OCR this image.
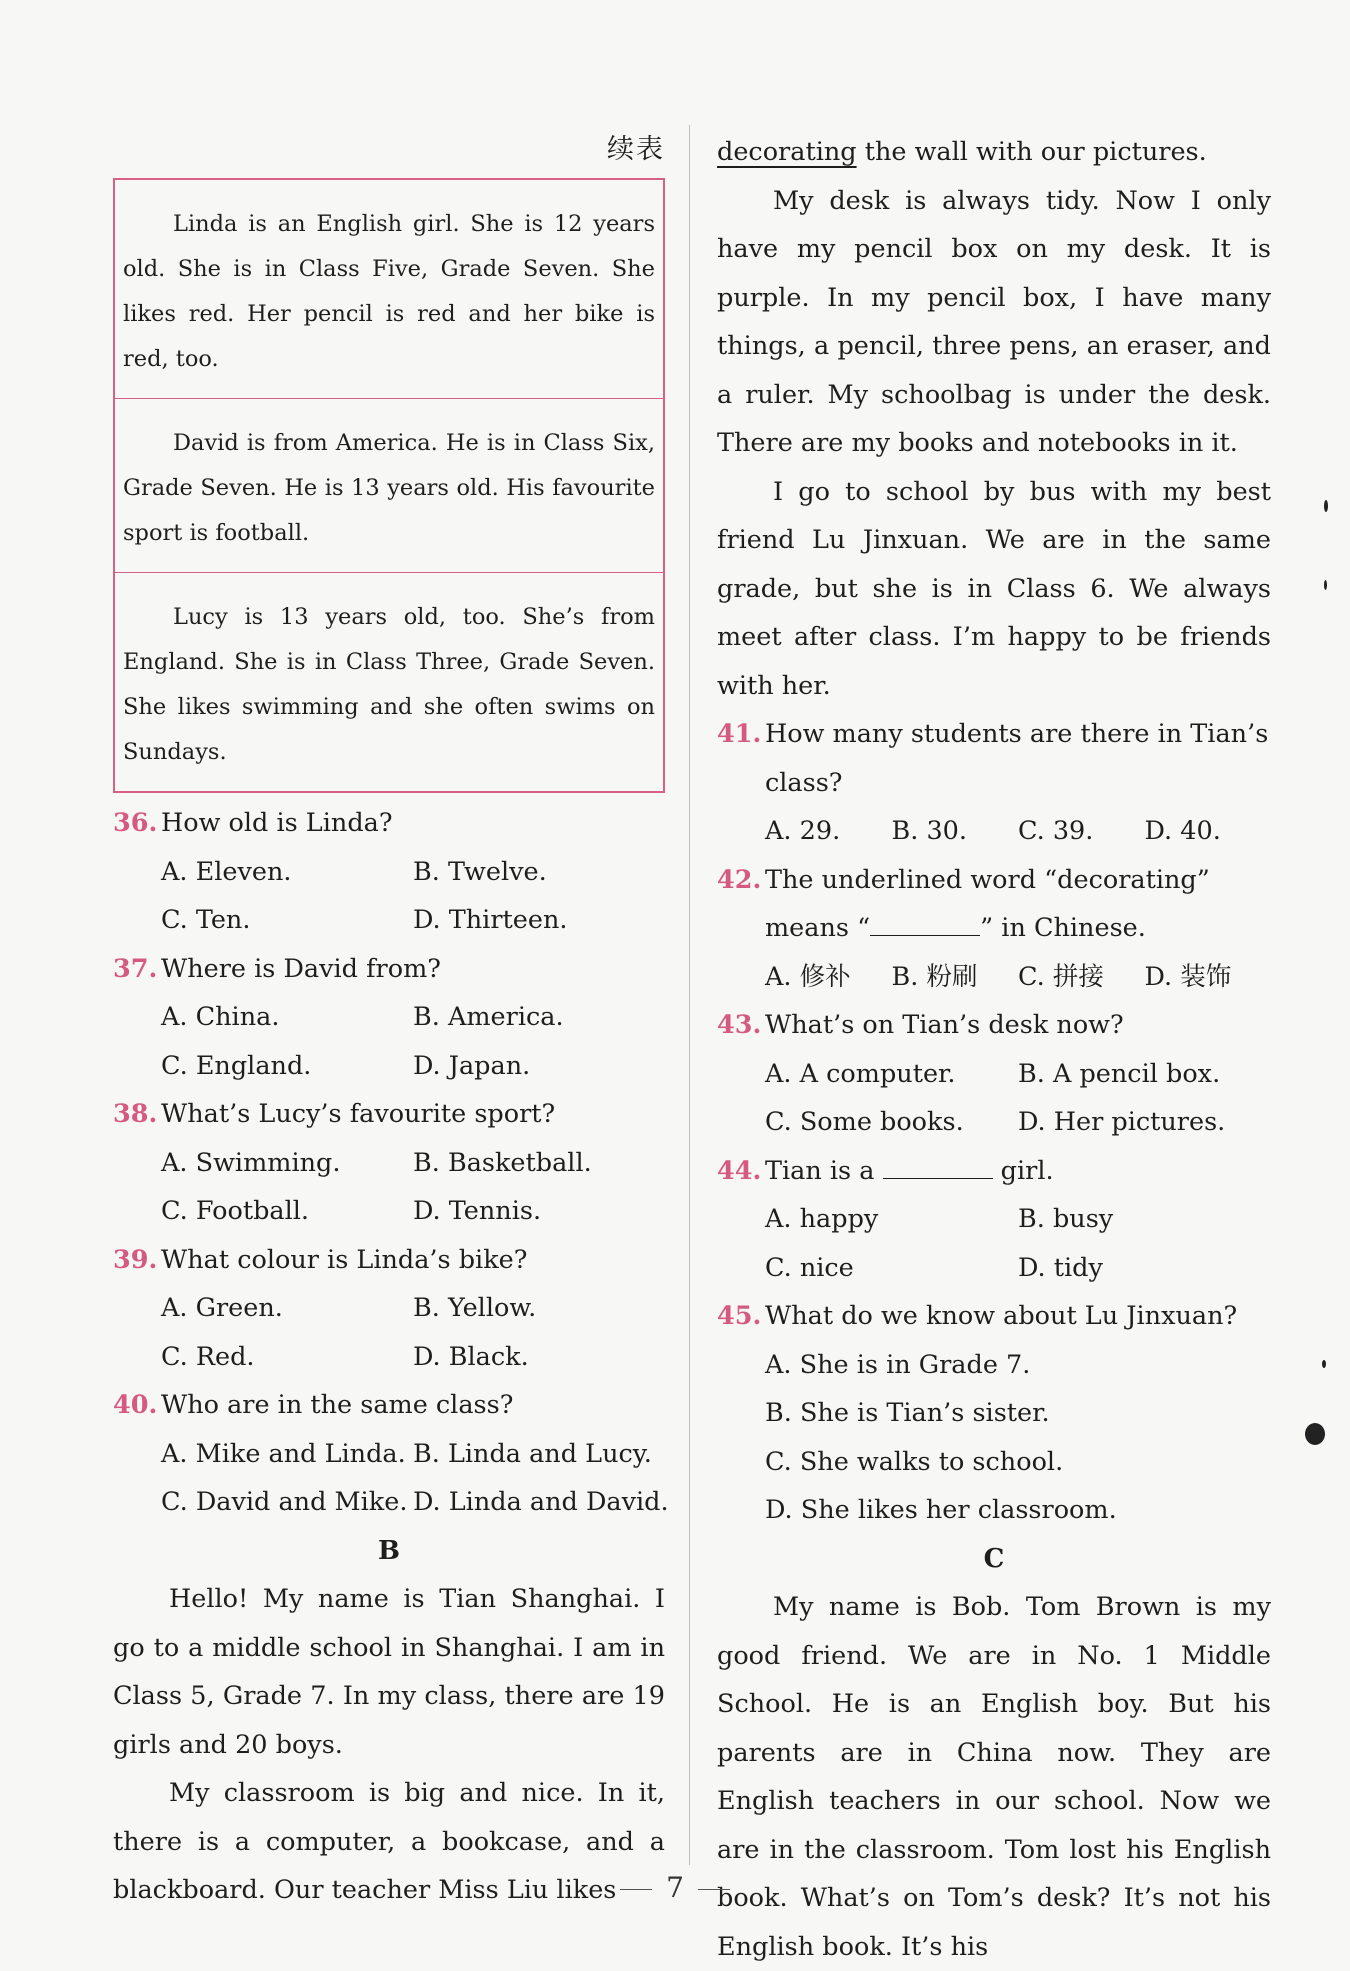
续表
Linda is an English girl. She is 12 years old. She is in Class Five, Grade Seven. She likes red. Her pencil is red and her bike is red, too.
David is from America. He is in Class Six, Grade Seven. He is 13 years old. His favourite sport is football.
Lucy is 13 years old, too. She’s from England. She is in Class Three, Grade Seven. She likes swimming and she often swims on Sundays.
36. How old is Linda?
A. Eleven.	B. Twelve.
C. Ten.	D. Thirteen.
37. Where is David from?
A. China.	B. America.
C. England.	D. Japan.
38. What’s Lucy’s favourite sport?
A. Swimming.	B. Basketball.
C. Football.	D. Tennis.
39. What colour is Linda’s bike?
A. Green.	B. Yellow.
C. Red.	D. Black.
40. Who are in the same class?
A. Mike and Linda. B. Linda and Lucy.
C. David and Mike. D. Linda and David.
B

Hello! My name is Tian Shanghai. I go to a middle school in Shanghai. I am in Class 5, Grade 7. In my class, there are 19 girls and 20 boys.

My classroom is big and nice. In it, there is a computer, a bookcase, and a blackboard. Our teacher Miss Liu likes

decorating the wall with our pictures.

My desk is always tidy. Now I only have my pencil box on my desk. It is purple. In my pencil box, I have many things, a pencil, three pens, an eraser, and a ruler. My schoolbag is under the desk. There are my books and notebooks in it.

I go to school by bus with my best friend Lu Jinxuan. We are in the same grade, but she is in Class 6. We always meet after class. I’m happy to be friends with her.

41. How many students are there in Tian’s class?
A. 29.	B. 30.	C. 39.	D. 40.
42. The underlined word “decorating” means “	” in Chinese.
A. 修补	B. 粉刷	C. 拼接	D. 装饰
43. What’s on Tian’s desk now?
A. A computer.	B. A pencil box.
C. Some books.	D. Her pictures.
44. Tian is a	girl.
A. happy	B. busy
C. nice	D. tidy
45. What do we know about Lu Jinxuan?
A. She is in Grade 7.
B. She is Tian’s sister.
C. She walks to school.
D. She likes her classroom.
C

My name is Bob. Tom Brown is my good friend. We are in No. 1 Middle School. He is an English boy. But his parents are in China now. They are English teachers in our school. Now we are in the classroom. Tom lost his English book. What’s on Tom’s desk? It’s not his English book. It’s his

7
